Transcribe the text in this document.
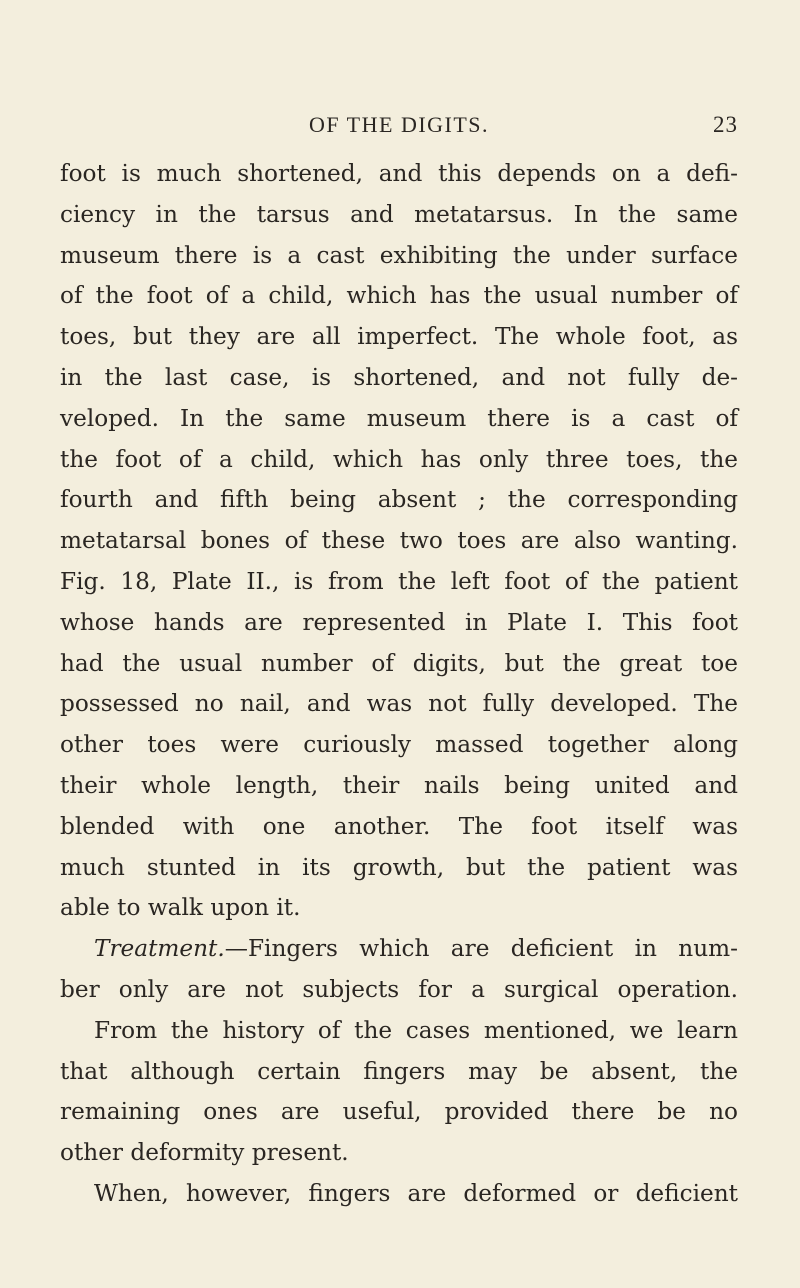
OF THE DIGITS.	23
foot is much shortened, and this depends on a defi-
ciency in the tarsus and metatarsus. In the same
museum there is a cast exhibiting the under surface
of the foot of a child, which has the usual number of
toes, but they are all imperfect. The whole foot, as
in the last case, is shortened, and not fully de-
veloped. In the same museum there is a cast of
the foot of a child, which has only three toes, the
fourth and fifth being absent ; the corresponding
metatarsal bones of these two toes are also wanting.
Fig. 18, Plate II., is from the left foot of the patient
whose hands are represented in Plate I. This foot
had the usual number of digits, but the great toe
possessed no nail, and was not fully developed. The
other toes were curiously massed together along
their whole length, their nails being united and
blended with one another. The foot itself was
much stunted in its growth, but the patient was
able to walk upon it.
Treatment.—Fingers which are deficient in num-
ber only are not subjects for a surgical operation.
From the history of the cases mentioned, we learn
that although certain fingers may be absent, the
remaining ones are useful, provided there be no
other deformity present.
When, however, fingers are deformed or deficient
